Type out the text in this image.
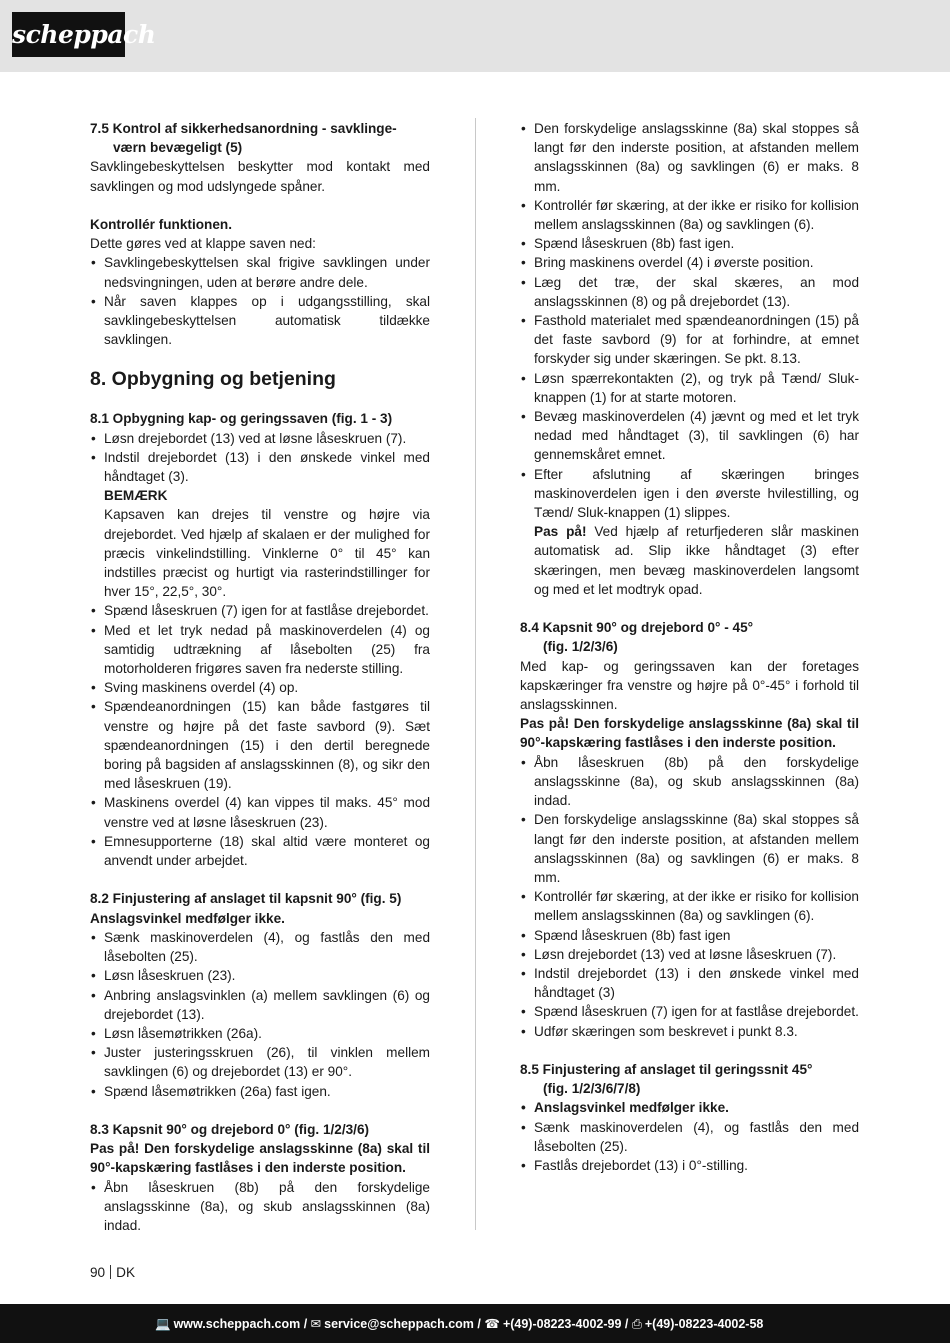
scheppach

7.5 Kontrol af sikkerhedsanordning - savklinge-
værn bevægeligt (5)

Savklingebeskyttelsen beskytter mod kontakt med savklingen og mod udslyngede spåner.

Kontrollér funktionen.

Dette gøres ved at klappe saven ned:

• Savklingebeskyttelsen skal frigive savklingen under nedsvingningen, uden at berøre andre dele.
• Når saven klappes op i udgangsstilling, skal savklingebeskyttelsen automatisk tildække savklingen.
8. Opbygning og betjening

8.1 Opbygning kap- og geringssaven (fig. 1 - 3)

• Løsn drejebordet (13) ved at løsne låseskruen (7).
• Indstil drejebordet (13) i den ønskede vinkel med håndtaget (3).
BEMÆRK
Kapsaven kan drejes til venstre og højre via drejebordet. Ved hjælp af skalaen er der mulighed for præcis vinkelindstilling. Vinklerne 0° til 45° kan indstilles præcist og hurtigt via rasterindstillinger for hver 15°, 22,5°, 30°.
• Spænd låseskruen (7) igen for at fastlåse drejebordet.
• Med et let tryk nedad på maskinoverdelen (4) og samtidig udtrækning af låsebolten (25) fra motorholderen frigøres saven fra nederste stilling.
• Sving maskinens overdel (4) op.
• Spændeanordningen (15) kan både fastgøres til venstre og højre på det faste savbord (9). Sæt spændeanordningen (15) i den dertil beregnede boring på bagsiden af anslagsskinnen (8), og sikr den med låseskruen (19).
• Maskinens overdel (4) kan vippes til maks. 45° mod venstre ved at løsne låseskruen (23).
• Emnesupporterne (18) skal altid være monteret og anvendt under arbejdet.

8.2 Finjustering af anslaget til kapsnit 90° (fig. 5)

Anslagsvinkel medfølger ikke.

• Sænk maskinoverdelen (4), og fastlås den med låsebolten (25).
• Løsn låseskruen (23).
• Anbring anslagsvinklen (a) mellem savklingen (6) og drejebordet (13).
• Løsn låsemøtrikken (26a).
• Juster justeringsskruen (26), til vinklen mellem savklingen (6) og drejebordet (13) er 90°.
• Spænd låsemøtrikken (26a) fast igen.

8.3 Kapsnit 90° og drejebord 0° (fig. 1/2/3/6)

Pas på! Den forskydelige anslagsskinne (8a) skal til 90°-kapskæring fastlåses i den inderste position.

• Åbn låseskruen (8b) på den forskydelige anslagsskinne (8a), og skub anslagsskinnen (8a) indad.
• Den forskydelige anslagsskinne (8a) skal stoppes så langt før den inderste position, at afstanden mellem anslagsskinnen (8a) og savklingen (6) er maks. 8 mm.
• Kontrollér før skæring, at der ikke er risiko for kollision mellem anslagsskinnen (8a) og savklingen (6).
• Spænd låseskruen (8b) fast igen.
• Bring maskinens overdel (4) i øverste position.
• Læg det træ, der skal skæres, an mod anslagsskinnen (8) og på drejebordet (13).
• Fasthold materialet med spændeanordningen (15) på det faste savbord (9) for at forhindre, at emnet forskyder sig under skæringen. Se pkt. 8.13.
• Løsn spærrekontakten (2), og tryk på Tænd/ Sluk-knappen (1) for at starte motoren.
• Bevæg maskinoverdelen (4) jævnt og med et let tryk nedad med håndtaget (3), til savklingen (6) har gennemskåret emnet.
• Efter afslutning af skæringen bringes maskinoverdelen igen i den øverste hvilestilling, og Tænd/ Sluk-knappen (1) slippes.
Pas på! Ved hjælp af returfjederen slår maskinen automatisk ad. Slip ikke håndtaget (3) efter skæringen, men bevæg maskinoverdelen langsomt og med et let modtryk opad.

8.4 Kapsnit 90° og drejebord 0° - 45°
(fig. 1/2/3/6)

Med kap- og geringssaven kan der foretages kapskæringer fra venstre og højre på 0°-45° i forhold til anslagsskinnen.

Pas på! Den forskydelige anslagsskinne (8a) skal til 90°-kapskæring fastlåses i den inderste position.

• Åbn låseskruen (8b) på den forskydelige anslagsskinne (8a), og skub anslagsskinnen (8a) indad.
• Den forskydelige anslagsskinne (8a) skal stoppes så langt før den inderste position, at afstanden mellem anslagsskinnen (8a) og savklingen (6) er maks. 8 mm.
• Kontrollér før skæring, at der ikke er risiko for kollision mellem anslagsskinnen (8a) og savklingen (6).
• Spænd låseskruen (8b) fast igen
• Løsn drejebordet (13) ved at løsne låseskruen (7).
• Indstil drejebordet (13) i den ønskede vinkel med håndtaget (3)
• Spænd låseskruen (7) igen for at fastlåse drejebordet.
• Udfør skæringen som beskrevet i punkt 8.3.

8.5 Finjustering af anslaget til geringssnit 45°
(fig. 1/2/3/6/7/8)

• Anslagsvinkel medfølger ikke.
• Sænk maskinoverdelen (4), og fastlås den med låsebolten (25).
• Fastlås drejebordet (13) i 0°-stilling.
90 DK
💻 www.scheppach.com / ✉ service@scheppach.com / ☎ +(49)-08223-4002-99 / ⎙ +(49)-08223-4002-58
